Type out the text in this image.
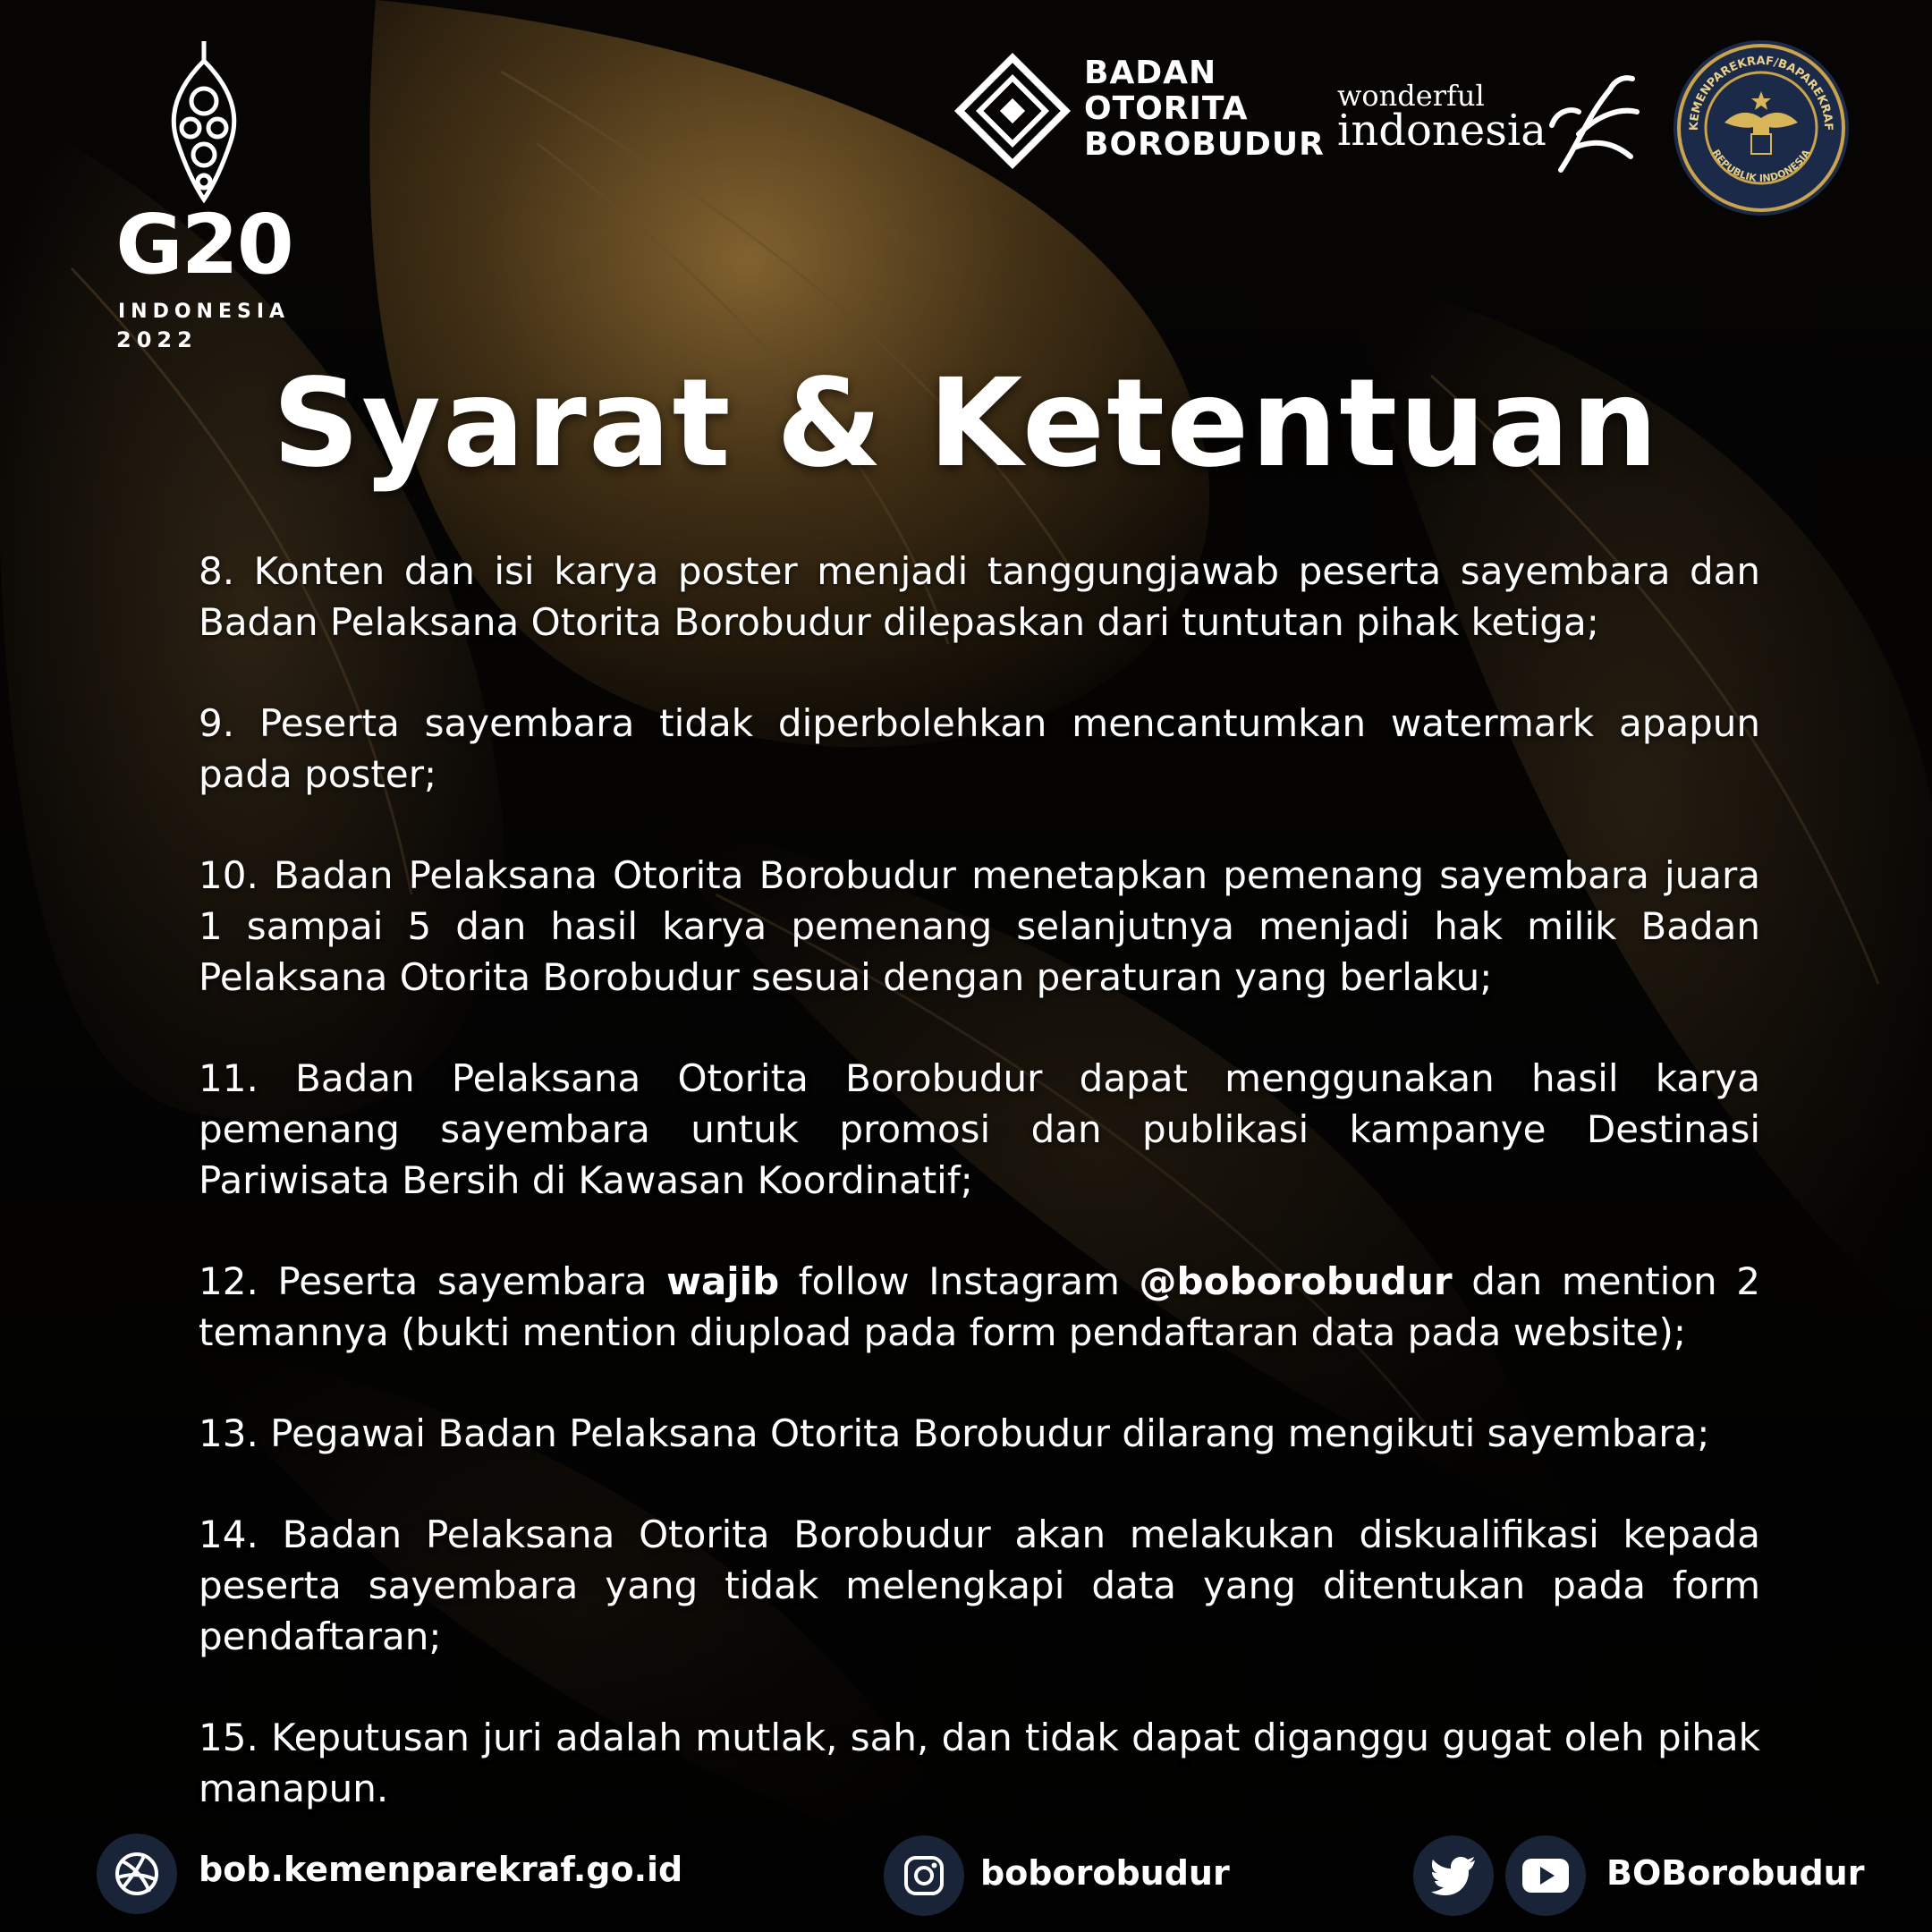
G20
INDONESIA
2022
BADAN
OTORITA
BOROBUDUR
wonderful
indonesia	KEMENPAREKRAF/BAPAREKRAF
REPUBLIK INDONESIA
Syarat & Ketentuan

8. Konten dan isi karya poster menjadi tanggungjawab peserta sayembara dan Badan Pelaksana Otorita Borobudur dilepaskan dari tuntutan pihak ketiga;

9. Peserta sayembara tidak diperbolehkan mencantumkan watermark apapun pada poster;

10. Badan Pelaksana Otorita Borobudur menetapkan pemenang sayembara juara 1 sampai 5 dan hasil karya pemenang selanjutnya menjadi hak milik Badan Pelaksana Otorita Borobudur sesuai dengan peraturan yang berlaku;

11. Badan Pelaksana Otorita Borobudur dapat menggunakan hasil karya pemenang sayembara untuk promosi dan publikasi kampanye Destinasi Pariwisata Bersih di Kawasan Koordinatif;

12. Peserta sayembara wajib follow Instagram @boborobudur dan mention 2 temannya (bukti mention diupload pada form pendaftaran data pada website);

13. Pegawai Badan Pelaksana Otorita Borobudur dilarang mengikuti sayembara;

14. Badan Pelaksana Otorita Borobudur akan melakukan diskualifikasi kepada peserta sayembara yang tidak melengkapi data yang ditentukan pada form pendaftaran;

15. Keputusan juri adalah mutlak, sah, dan tidak dapat diganggu gugat oleh pihak manapun.

bob.kemenparekraf.go.id	boborobudur	BOBorobudur
